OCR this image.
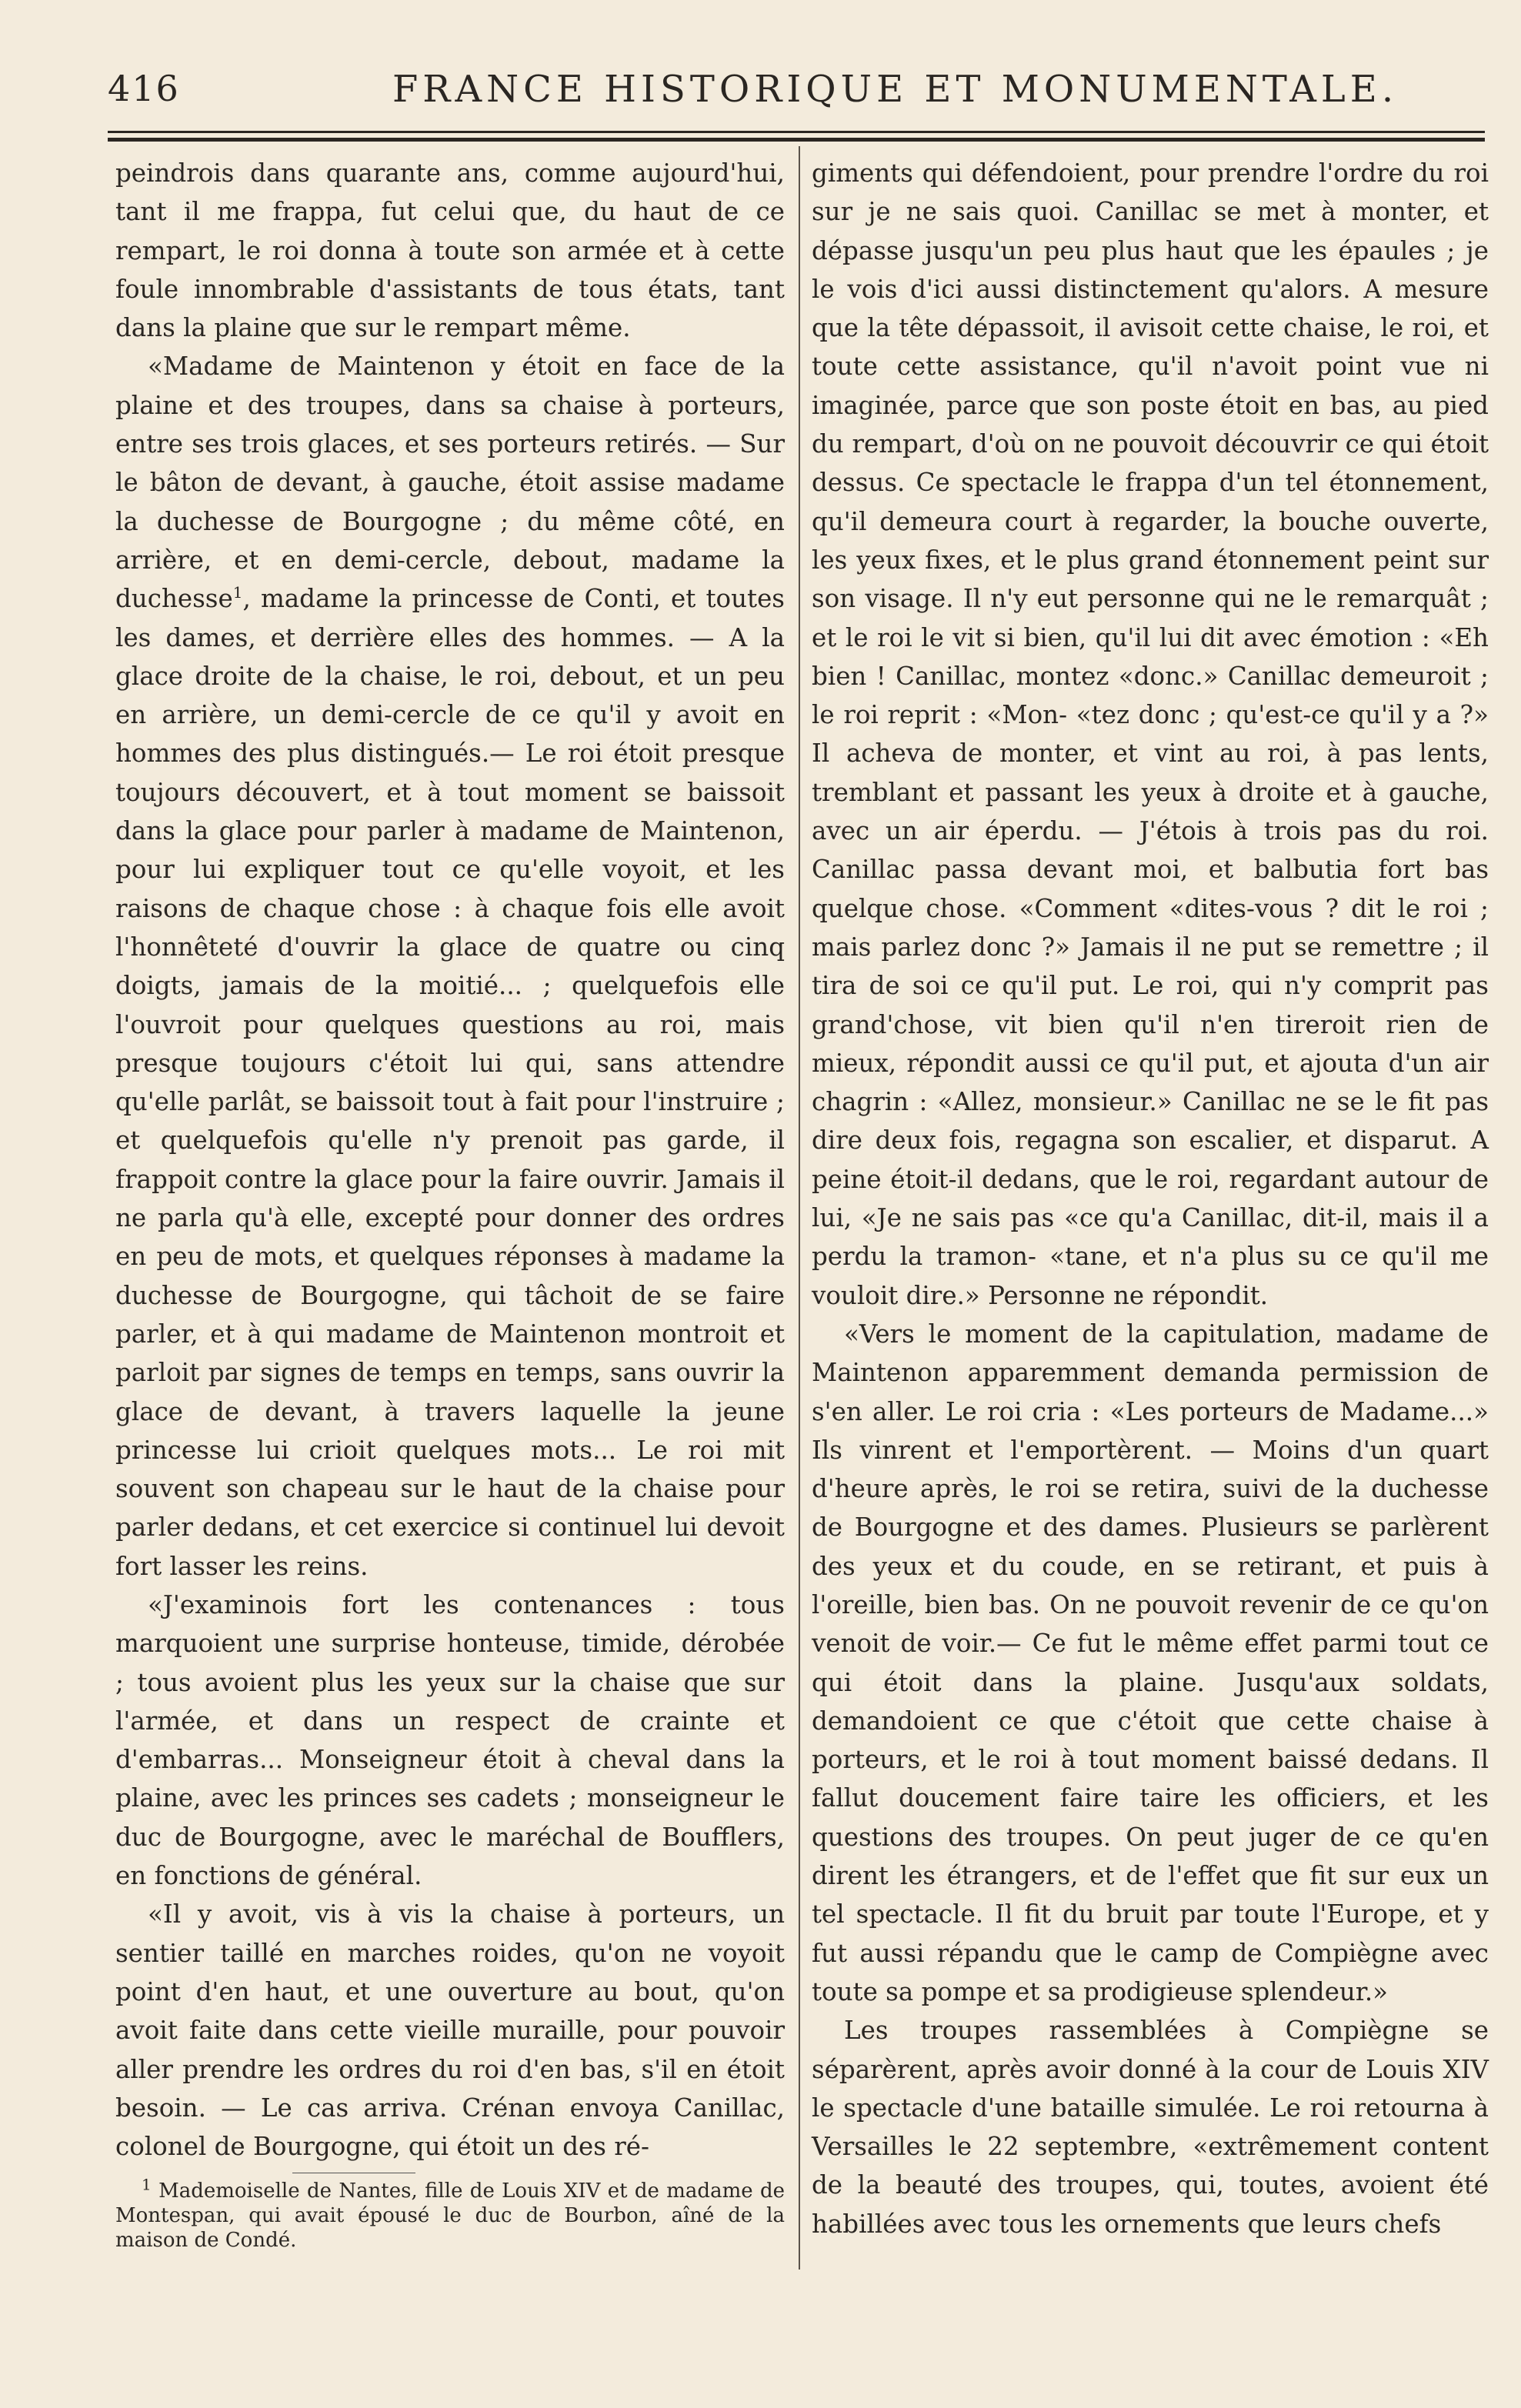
416	FRANCE HISTORIQUE ET MONUMENTALE.

peindrois dans quarante ans, comme aujourd'hui, tant il me frappa, fut celui que, du haut de ce rempart, le roi donna à toute son armée et à cette foule innombrable d'assistants de tous états, tant dans la plaine que sur le rempart même.

«Madame de Maintenon y étoit en face de la plaine et des troupes, dans sa chaise à porteurs, entre ses trois glaces, et ses porteurs retirés. — Sur le bâton de devant, à gauche, étoit assise madame la duchesse de Bourgogne ; du même côté, en arrière, et en demi-cercle, debout, madame la duchesse$^1$, madame la princesse de Conti, et toutes les dames, et derrière elles des hommes. — A la glace droite de la chaise, le roi, debout, et un peu en arrière, un demi-cercle de ce qu'il y avoit en hommes des plus distingués.— Le roi étoit presque toujours découvert, et à tout moment se baissoit dans la glace pour parler à madame de Maintenon, pour lui expliquer tout ce qu'elle voyoit, et les raisons de chaque chose : à chaque fois elle avoit l'honnêteté d'ouvrir la glace de quatre ou cinq doigts, jamais de la moitié... ; quelquefois elle l'ouvroit pour quelques questions au roi, mais presque toujours c'étoit lui qui, sans attendre qu'elle parlât, se baissoit tout à fait pour l'instruire ; et quelquefois qu'elle n'y prenoit pas garde, il frappoit contre la glace pour la faire ouvrir. Jamais il ne parla qu'à elle, excepté pour donner des ordres en peu de mots, et quelques réponses à madame la duchesse de Bourgogne, qui tâchoit de se faire parler, et à qui madame de Maintenon montroit et parloit par signes de temps en temps, sans ouvrir la glace de devant, à travers laquelle la jeune princesse lui crioit quelques mots... Le roi mit souvent son chapeau sur le haut de la chaise pour parler dedans, et cet exercice si continuel lui devoit fort lasser les reins.

«J'examinois fort les contenances : tous marquoient une surprise honteuse, timide, dérobée ; tous avoient plus les yeux sur la chaise que sur l'armée, et dans un respect de crainte et d'embarras... Monseigneur étoit à cheval dans la plaine, avec les princes ses cadets ; monseigneur le duc de Bourgogne, avec le maréchal de Boufflers, en fonctions de général.

«Il y avoit, vis à vis la chaise à porteurs, un sentier taillé en marches roides, qu'on ne voyoit point d'en haut, et une ouverture au bout, qu'on avoit faite dans cette vieille muraille, pour pouvoir aller prendre les ordres du roi d'en bas, s'il en étoit besoin. — Le cas arriva. Crénan envoya Canillac, colonel de Bourgogne, qui étoit un des ré-

giments qui défendoient, pour prendre l'ordre du roi sur je ne sais quoi. Canillac se met à monter, et dépasse jusqu'un peu plus haut que les épaules ; je le vois d'ici aussi distinctement qu'alors. A mesure que la tête dépassoit, il avisoit cette chaise, le roi, et toute cette assistance, qu'il n'avoit point vue ni imaginée, parce que son poste étoit en bas, au pied du rempart, d'où on ne pouvoit découvrir ce qui étoit dessus. Ce spectacle le frappa d'un tel étonnement, qu'il demeura court à regarder, la bouche ouverte, les yeux fixes, et le plus grand étonnement peint sur son visage. Il n'y eut personne qui ne le remarquât ; et le roi le vit si bien, qu'il lui dit avec émotion : «Eh bien ! Canillac, montez «donc.» Canillac demeuroit ; le roi reprit : «Mon- «tez donc ; qu'est-ce qu'il y a ?» Il acheva de monter, et vint au roi, à pas lents, tremblant et passant les yeux à droite et à gauche, avec un air éperdu. — J'étois à trois pas du roi. Canillac passa devant moi, et balbutia fort bas quelque chose. «Comment «dites-vous ? dit le roi ; mais parlez donc ?» Jamais il ne put se remettre ; il tira de soi ce qu'il put. Le roi, qui n'y comprit pas grand'chose, vit bien qu'il n'en tireroit rien de mieux, répondit aussi ce qu'il put, et ajouta d'un air chagrin : «Allez, monsieur.» Canillac ne se le fit pas dire deux fois, regagna son escalier, et disparut. A peine étoit-il dedans, que le roi, regardant autour de lui, «Je ne sais pas «ce qu'a Canillac, dit-il, mais il a perdu la tramon- «tane, et n'a plus su ce qu'il me vouloit dire.» Personne ne répondit.

«Vers le moment de la capitulation, madame de Maintenon apparemment demanda permission de s'en aller. Le roi cria : «Les porteurs de Madame...» Ils vinrent et l'emportèrent. — Moins d'un quart d'heure après, le roi se retira, suivi de la duchesse de Bourgogne et des dames. Plusieurs se parlèrent des yeux et du coude, en se retirant, et puis à l'oreille, bien bas. On ne pouvoit revenir de ce qu'on venoit de voir.— Ce fut le même effet parmi tout ce qui étoit dans la plaine. Jusqu'aux soldats, demandoient ce que c'étoit que cette chaise à porteurs, et le roi à tout moment baissé dedans. Il fallut doucement faire taire les officiers, et les questions des troupes. On peut juger de ce qu'en dirent les étrangers, et de l'effet que fit sur eux un tel spectacle. Il fit du bruit par toute l'Europe, et y fut aussi répandu que le camp de Compiègne avec toute sa pompe et sa prodigieuse splendeur.»

Les troupes rassemblées à Compiègne se séparèrent, après avoir donné à la cour de Louis XIV le spectacle d'une bataille simulée. Le roi retourna à Versailles le 22 septembre, «extrêmement content de la beauté des troupes, qui, toutes, avoient été habillées avec tous les ornements que leurs chefs

$^1$ Mademoiselle de Nantes, fille de Louis XIV et de madame de Montespan, qui avait épousé le duc de Bourbon, aîné de la maison de Condé.
